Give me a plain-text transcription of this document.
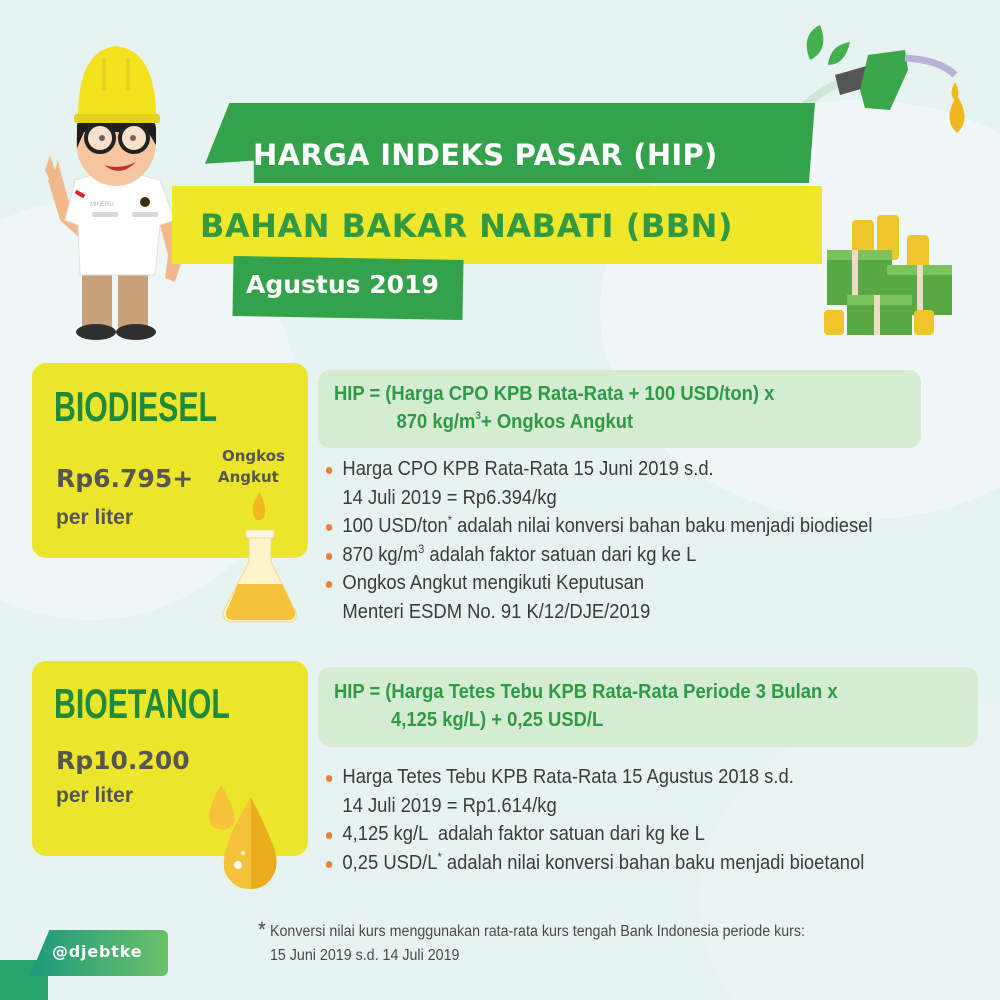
MINERU
HARGA INDEKS PASAR (HIP)
BAHAN BAKAR NABATI (BBN)
Agustus 2019
BIODIESEL
Rp6.795+
Ongkos
Angkut
per liter
HIP = (Harga CPO KPB Rata-Rata + 100 USD/ton) x
870 $kg/m^3+$ Ongkos Angkut
Harga CPO KPB Rata-Rata 15 Juni 2019 s.d.
14 Juli 2019 = Rp6.394/kg
100 USD/ton* adalah nilai konversi bahan baku menjadi biodiesel
870 $kg/m^3$ adalah faktor satuan dari kg ke L
Ongkos Angkut mengikuti Keputusan
Menteri ESDM No. 91 K/12/DJE/2019
BIOETANOL
Rp10.200
per liter
HIP = (Harga Tetes Tebu KPB Rata-Rata Periode 3 Bulan x
4,125 kg/L) + 0,25 USD/L
Harga Tetes Tebu KPB Rata-Rata 15 Agustus 2018 s.d.
14 Juli 2019 = Rp1.614/kg
4,125 kg/L  adalah faktor satuan dari kg ke L
0,25 USD/L* adalah nilai konversi bahan baku menjadi bioetanol
* Konversi nilai kurs menggunakan rata-rata kurs tengah Bank Indonesia periode kurs:
15 Juni 2019 s.d. 14 Juli 2019
@djebtke
